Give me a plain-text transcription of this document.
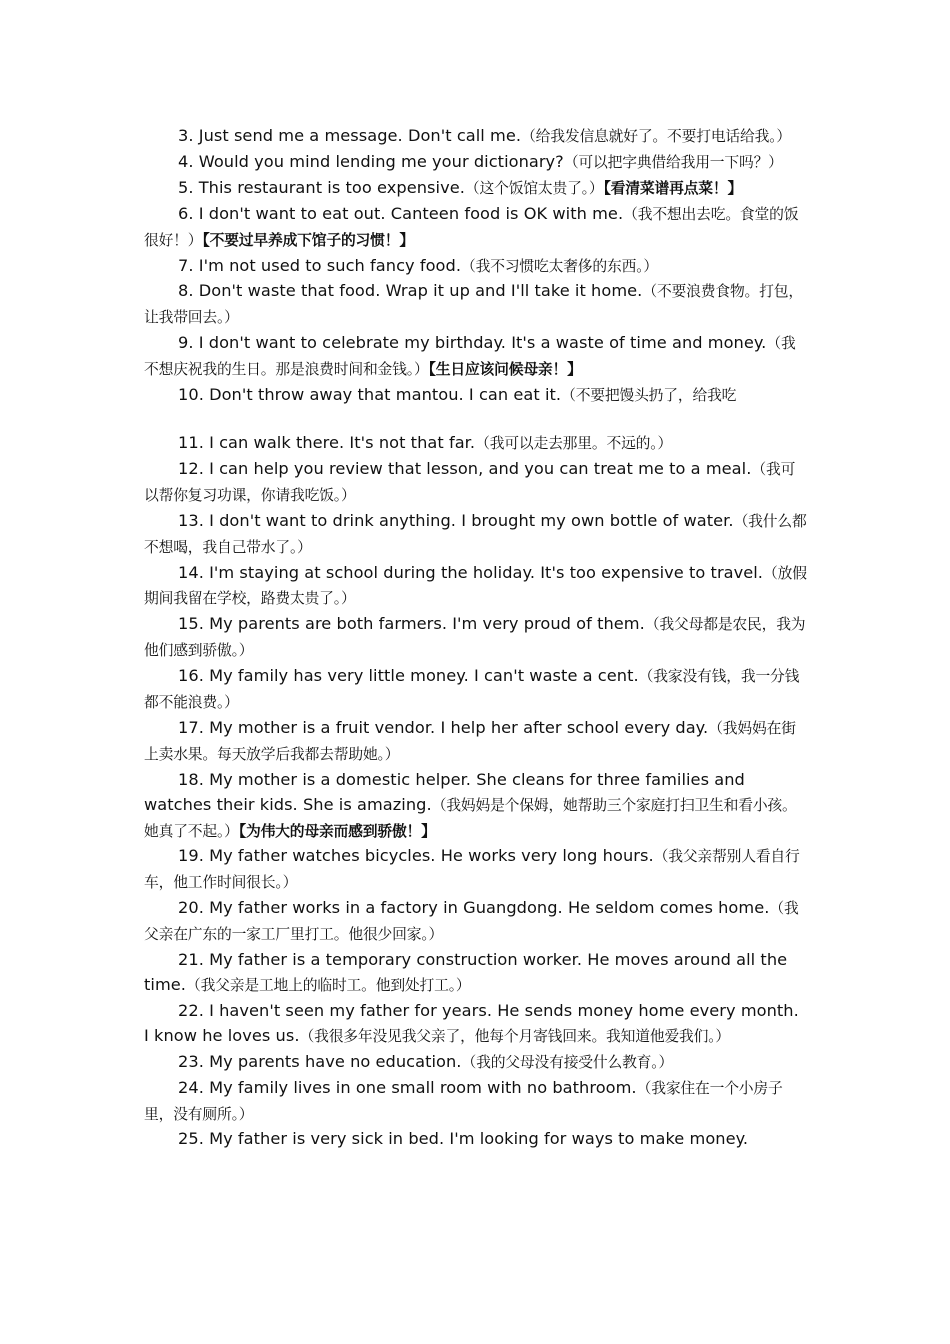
3. Just send me a message. Don't call me.（给我发信息就好了。不要打电话给我。）

4. Would you mind lending me your dictionary?（可以把字典借给我用一下吗？）

5. This restaurant is too expensive.（这个饭馆太贵了。）【看清菜谱再点菜！】

6. I don't want to eat out. Canteen food is OK with me.（我不想出去吃。食堂的饭很好！）【不要过早养成下馆子的习惯！】

7. I'm not used to such fancy food.（我不习惯吃太奢侈的东西。）

8. Don't waste that food. Wrap it up and I'll take it home.（不要浪费食物。打包，让我带回去。）

9. I don't want to celebrate my birthday. It's a waste of time and money.（我不想庆祝我的生日。那是浪费时间和金钱。）【生日应该问候母亲！】

10. Don't throw away that mantou. I can eat it.（不要把馒头扔了，给我吃

11. I can walk there. It's not that far.（我可以走去那里。不远的。）

12. I can help you review that lesson, and you can treat me to a meal.（我可以帮你复习功课，你请我吃饭。）

13. I don't want to drink anything. I brought my own bottle of water.（我什么都不想喝，我自己带水了。）

14. I'm staying at school during the holiday. It's too expensive to travel.（放假期间我留在学校，路费太贵了。）

15. My parents are both farmers. I'm very proud of them.（我父母都是农民，我为他们感到骄傲。）

16. My family has very little money. I can't waste a cent.（我家没有钱，我一分钱都不能浪费。）

17. My mother is a fruit vendor. I help her after school every day.（我妈妈在街上卖水果。每天放学后我都去帮助她。）

18. My mother is a domestic helper. She cleans for three families and watches their kids. She is amazing.（我妈妈是个保姆，她帮助三个家庭打扫卫生和看小孩。她真了不起。）【为伟大的母亲而感到骄傲！】

19. My father watches bicycles. He works very long hours.（我父亲帮别人看自行车，他工作时间很长。）

20. My father works in a factory in Guangdong. He seldom comes home.（我父亲在广东的一家工厂里打工。他很少回家。）

21. My father is a temporary construction worker. He moves around all the time.（我父亲是工地上的临时工。他到处打工。）

22. I haven't seen my father for years. He sends money home every month. I know he loves us.（我很多年没见我父亲了，他每个月寄钱回来。我知道他爱我们。）

23. My parents have no education.（我的父母没有接受什么教育。）

24. My family lives in one small room with no bathroom.（我家住在一个小房子里，没有厕所。）

25. My father is very sick in bed. I'm looking for ways to make money.
